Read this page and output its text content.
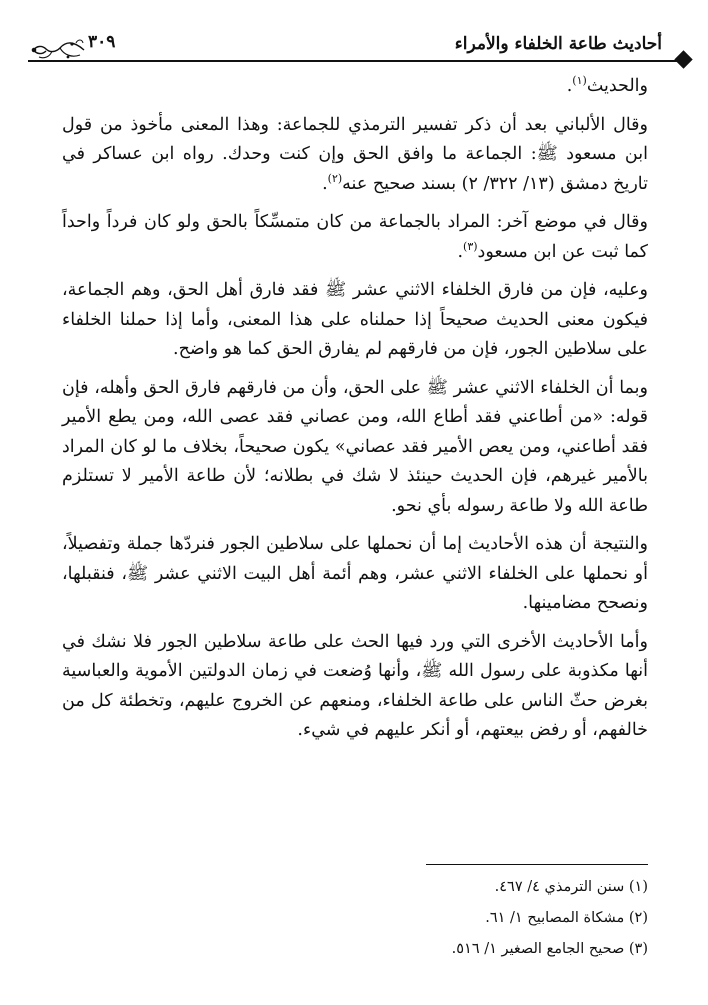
أحاديث طاعة الخلفاء والأمراء
٣٠٩

والحديث$^{(١)}$.

وقال الألباني بعد أن ذكر تفسير الترمذي للجماعة: وهذا المعنى مأخوذ من قول ابن مسعود ﷺ: الجماعة ما وافق الحق وإن كنت وحدك. رواه ابن عساكر في تاريخ دمشق (١٣/ ٣٢٢/ ٢) بسند صحيح عنه$^{(٢)}$.

وقال في موضع آخر: المراد بالجماعة من كان متمسِّكاً بالحق ولو كان فرداً واحداً كما ثبت عن ابن مسعود$^{(٣)}$.

وعليه، فإن من فارق الخلفاء الاثني عشر ﷺ فقد فارق أهل الحق، وهم الجماعة، فيكون معنى الحديث صحيحاً إذا حملناه على هذا المعنى، وأما إذا حملنا الخلفاء على سلاطين الجور، فإن من فارقهم لم يفارق الحق كما هو واضح.

وبما أن الخلفاء الاثني عشر ﷺ على الحق، وأن من فارقهم فارق الحق وأهله، فإن قوله: «من أطاعني فقد أطاع الله، ومن عصاني فقد عصى الله، ومن يطع الأمير فقد أطاعني، ومن يعص الأمير فقد عصاني» يكون صحيحاً، بخلاف ما لو كان المراد بالأمير غيرهم، فإن الحديث حينئذ لا شك في بطلانه؛ لأن طاعة الأمير لا تستلزم طاعة الله ولا طاعة رسوله بأي نحو.

والنتيجة أن هذه الأحاديث إما أن نحملها على سلاطين الجور فنردّها جملة وتفصيلاً، أو نحملها على الخلفاء الاثني عشر، وهم أئمة أهل البيت الاثني عشر ﷺ، فنقبلها، ونصحح مضامينها.

وأما الأحاديث الأخرى التي ورد فيها الحث على طاعة سلاطين الجور فلا نشك في أنها مكذوبة على رسول الله ﷺ، وأنها وُضعت في زمان الدولتين الأموية والعباسية بغرض حثّ الناس على طاعة الخلفاء، ومنعهم عن الخروج عليهم، وتخطئة كل من خالفهم، أو رفض بيعتهم، أو أنكر عليهم في شيء.

(١) سنن الترمذي ٤/ ٤٦٧.
(٢) مشكاة المصابيح ١/ ٦١.
(٣) صحيح الجامع الصغير ١/ ٥١٦.
